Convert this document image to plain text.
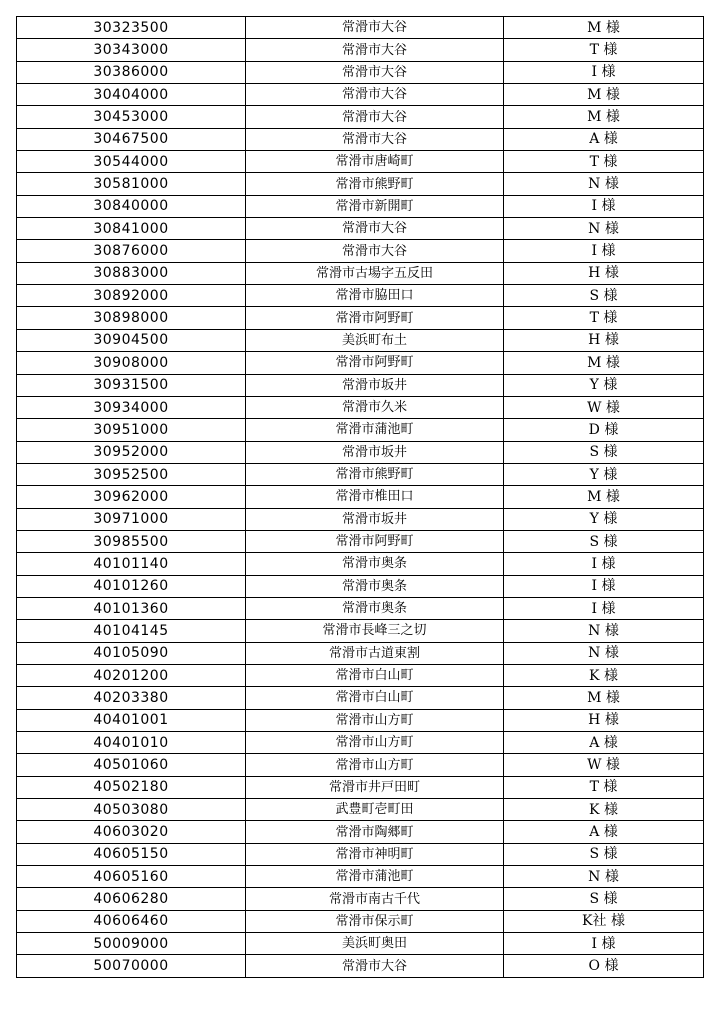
30323500	常滑市大谷	M 様
30343000	常滑市大谷	T 様
30386000	常滑市大谷	I 様
30404000	常滑市大谷	M 様
30453000	常滑市大谷	M 様
30467500	常滑市大谷	A 様
30544000	常滑市唐崎町	T 様
30581000	常滑市熊野町	N 様
30840000	常滑市新開町	I 様
30841000	常滑市大谷	N 様
30876000	常滑市大谷	I 様
30883000	常滑市古場字五反田	H 様
30892000	常滑市脇田口	S 様
30898000	常滑市阿野町	T 様
30904500	美浜町布土	H 様
30908000	常滑市阿野町	M 様
30931500	常滑市坂井	Y 様
30934000	常滑市久米	W 様
30951000	常滑市蒲池町	D 様
30952000	常滑市坂井	S 様
30952500	常滑市熊野町	Y 様
30962000	常滑市椎田口	M 様
30971000	常滑市坂井	Y 様
30985500	常滑市阿野町	S 様
40101140	常滑市奥条	I 様
40101260	常滑市奥条	I 様
40101360	常滑市奥条	I 様
40104145	常滑市長峰三之切	N 様
40105090	常滑市古道東割	N 様
40201200	常滑市白山町	K 様
40203380	常滑市白山町	M 様
40401001	常滑市山方町	H 様
40401010	常滑市山方町	A 様
40501060	常滑市山方町	W 様
40502180	常滑市井戸田町	T 様
40503080	武豊町壱町田	K 様
40603020	常滑市陶郷町	A 様
40605150	常滑市神明町	S 様
40605160	常滑市蒲池町	N 様
40606280	常滑市南古千代	S 様
40606460	常滑市保示町	K社 様
50009000	美浜町奥田	I 様
50070000	常滑市大谷	O 様
